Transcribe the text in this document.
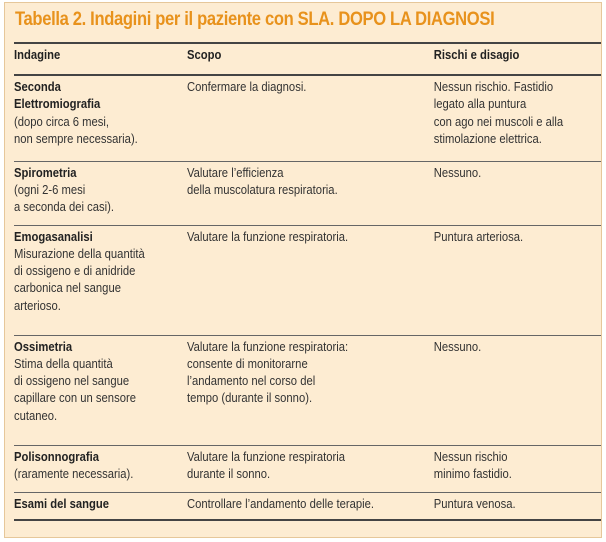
Tabella 2. Indagini per il paziente con SLA. DOPO LA DIAGNOSI
Indagine	Scopo	Rischi e disagio

Seconda
Elettromiografia
(dopo circa 6 mesi,
non sempre necessaria).	Confermare la diagnosi.	Nessun rischio. Fastidio
legato alla puntura
con ago nei muscoli e alla
stimolazione elettrica.

Spirometria
(ogni 2-6 mesi
a seconda dei casi).	Valutare l’efficienza
della muscolatura respiratoria.	Nessuno.

Emogasanalisi
Misurazione della quantità
di ossigeno e di anidride
carbonica nel sangue
arterioso.	Valutare la funzione respiratoria.	Puntura arteriosa.

Ossimetria
Stima della quantità
di ossigeno nel sangue
capillare con un sensore
cutaneo.	Valutare la funzione respiratoria:
consente di monitorarne
l’andamento nel corso del
tempo (durante il sonno).	Nessuno.

Polisonnografia
(raramente necessaria).	Valutare la funzione respiratoria
durante il sonno.	Nessun rischio
minimo fastidio.

Esami del sangue	Controllare l’andamento delle terapie.	Puntura venosa.
